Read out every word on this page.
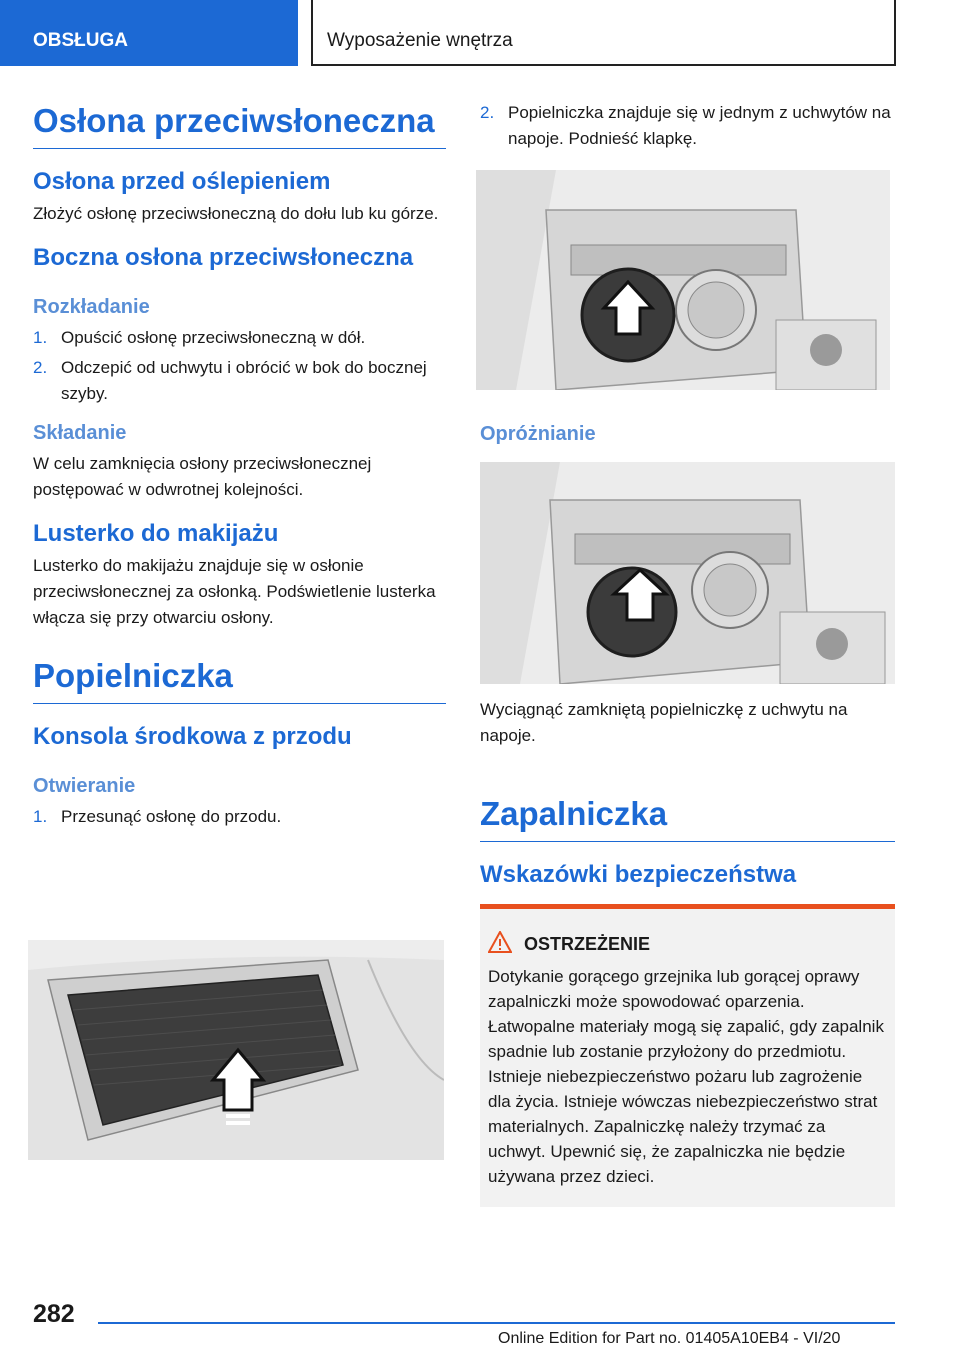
OBSŁUGA	Wyposażenie wnętrza
Osłona przeciwsłoneczna
Osłona przed oślepieniem

Złożyć osłonę przeciwsłoneczną do dołu lub ku górze.

Boczna osłona przeciwsłoneczna
Rozkładanie
1. Opuścić osłonę przeciwsłoneczną w dół.
2. Odczepić od uchwytu i obrócić w bok do bocznej szyby.
Składanie

W celu zamknięcia osłony przeciwsłonecznej postępować w odwrotnej kolejności.

Lusterko do makijażu

Lusterko do makijażu znajduje się w osłonie przeciwsłonecznej za osłonką. Podświetlenie lusterka włącza się przy otwarciu osłony.

Popielniczka
Konsola środkowa z przodu
Otwieranie
1. Przesunąć osłonę do przodu.
2. Popielniczka znajduje się w jednym z uchwytów na napoje. Podnieść klapkę.
Opróżnianie

Wyciągnąć zamkniętą popielniczkę z uchwytu na napoje.

Zapalniczka
Wskazówki bezpieczeństwa
OSTRZEŻENIE

Dotykanie gorącego grzejnika lub gorącej oprawy zapalniczki może spowodować oparzenia. Łatwopalne materiały mogą się zapalić, gdy zapalnik spadnie lub zostanie przyłożony do przedmiotu. Istnieje niebezpieczeństwo pożaru lub zagrożenie dla życia. Istnieje wówczas niebezpieczeństwo strat materialnych. Zapalniczkę należy trzymać za uchwyt. Upewnić się, że zapalniczka nie będzie używana przez dzieci.

282
Online Edition for Part no. 01405A10EB4 - VI/20
